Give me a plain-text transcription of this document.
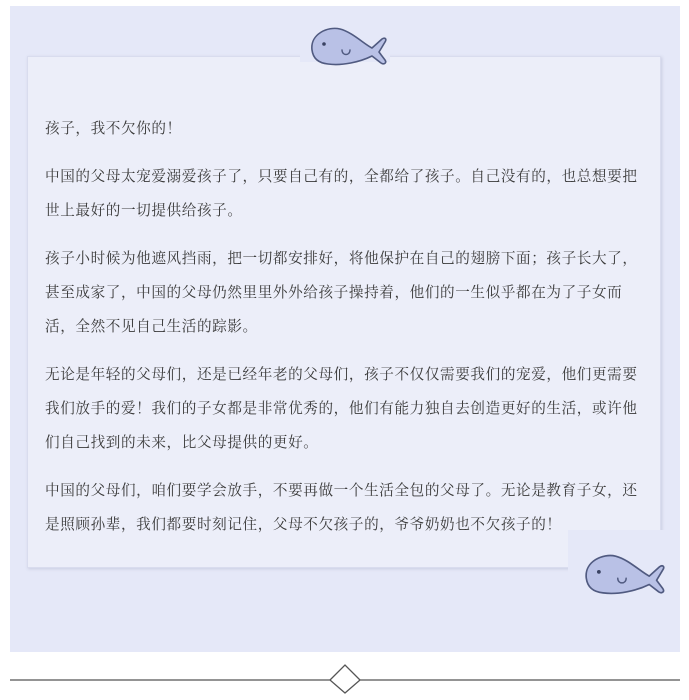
孩子，我不欠你的！

中国的父母太宠爱溺爱孩子了，只要自己有的，全都给了孩子。自己没有的，也总想要把世上最好的一切提供给孩子。

孩子小时候为他遮风挡雨，把一切都安排好，将他保护在自己的翅膀下面；孩子长大了，甚至成家了，中国的父母仍然里里外外给孩子操持着，他们的一生似乎都在为了子女而活，全然不见自己生活的踪影。

无论是年轻的父母们，还是已经年老的父母们，孩子不仅仅需要我们的宠爱，他们更需要我们放手的爱！我们的子女都是非常优秀的，他们有能力独自去创造更好的生活，或许他们自己找到的未来，比父母提供的更好。

中国的父母们，咱们要学会放手，不要再做一个生活全包的父母了。无论是教育子女，还是照顾孙辈，我们都要时刻记住，父母不欠孩子的，爷爷奶奶也不欠孩子的！
